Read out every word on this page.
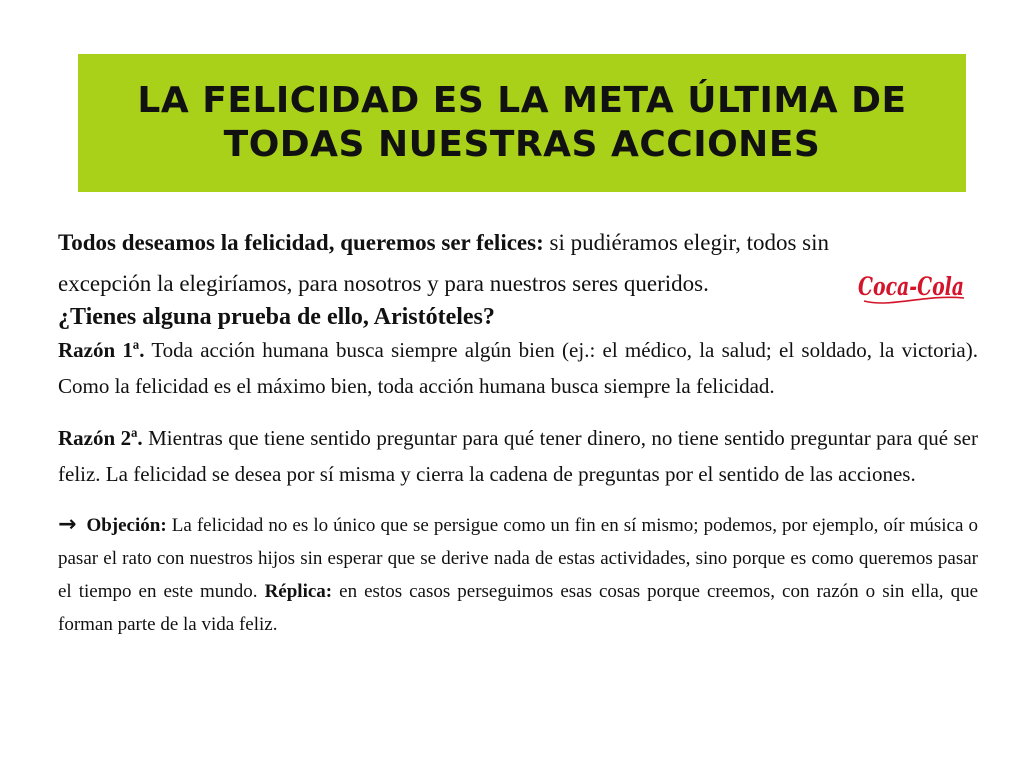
LA FELICIDAD ES LA META ÚLTIMA DE
TODAS NUESTRAS ACCIONES
Coca-Cola
Todos deseamos la felicidad, queremos ser felices: si pudiéramos elegir, todos sin
excepción la elegiríamos, para nosotros y para nuestros seres queridos.
¿Tienes alguna prueba de ello, Aristóteles?
Razón 1ª. Toda acción humana busca siempre algún bien (ej.: el médico, la salud; el soldado, la victoria). Como la felicidad es el máximo bien, toda acción humana busca siempre la felicidad.
Razón 2ª. Mientras que tiene sentido preguntar para qué tener dinero, no tiene sentido preguntar para qué ser feliz. La felicidad se desea por sí misma y cierra la cadena de preguntas por el sentido de las acciones.
→ Objeción: La felicidad no es lo único que se persigue como un fin en sí mismo; podemos, por ejemplo, oír música o pasar el rato con nuestros hijos sin esperar que se derive nada de estas actividades, sino porque es como queremos pasar el tiempo en este mundo. Réplica: en estos casos perseguimos esas cosas porque creemos, con razón o sin ella, que forman parte de la vida feliz.
